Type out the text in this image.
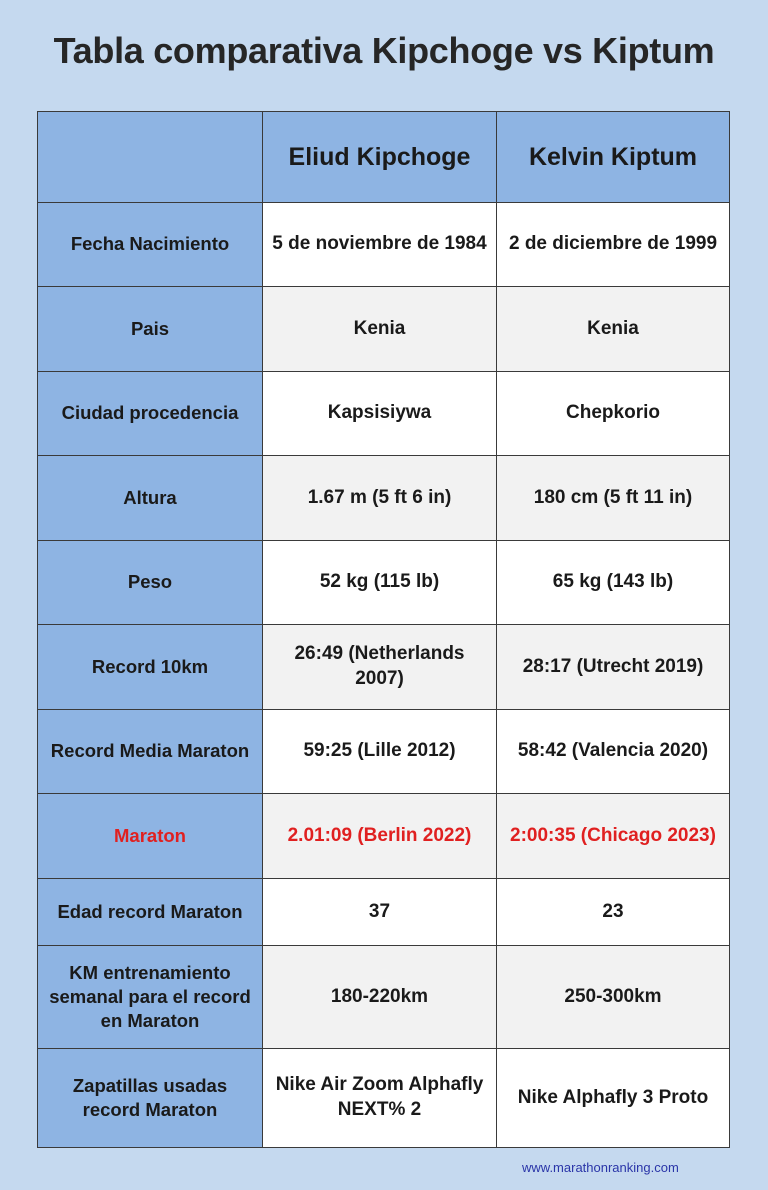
Tabla comparativa Kipchoge vs Kiptum
	Eliud Kipchoge	Kelvin Kiptum
Fecha Nacimiento	5 de noviembre de 1984	2 de diciembre de 1999
Pais	Kenia	Kenia
Ciudad procedencia	Kapsisiywa	Chepkorio
Altura	1.67 m (5 ft 6 in)	180 cm (5 ft 11 in)
Peso	52 kg (115 lb)	65 kg (143 lb)
Record 10km	26:49 (Netherlands 2007)	28:17 (Utrecht 2019)
Record Media Maraton	59:25 (Lille 2012)	58:42 (Valencia 2020)
Maraton	2.01:09 (Berlin 2022)	2:00:35 (Chicago 2023)
Edad record Maraton	37	23
KM entrenamiento semanal para el record en Maraton	180-220km	250-300km
Zapatillas usadas record Maraton	Nike Air Zoom Alphafly NEXT% 2	Nike Alphafly 3 Proto
www.marathonranking.com
